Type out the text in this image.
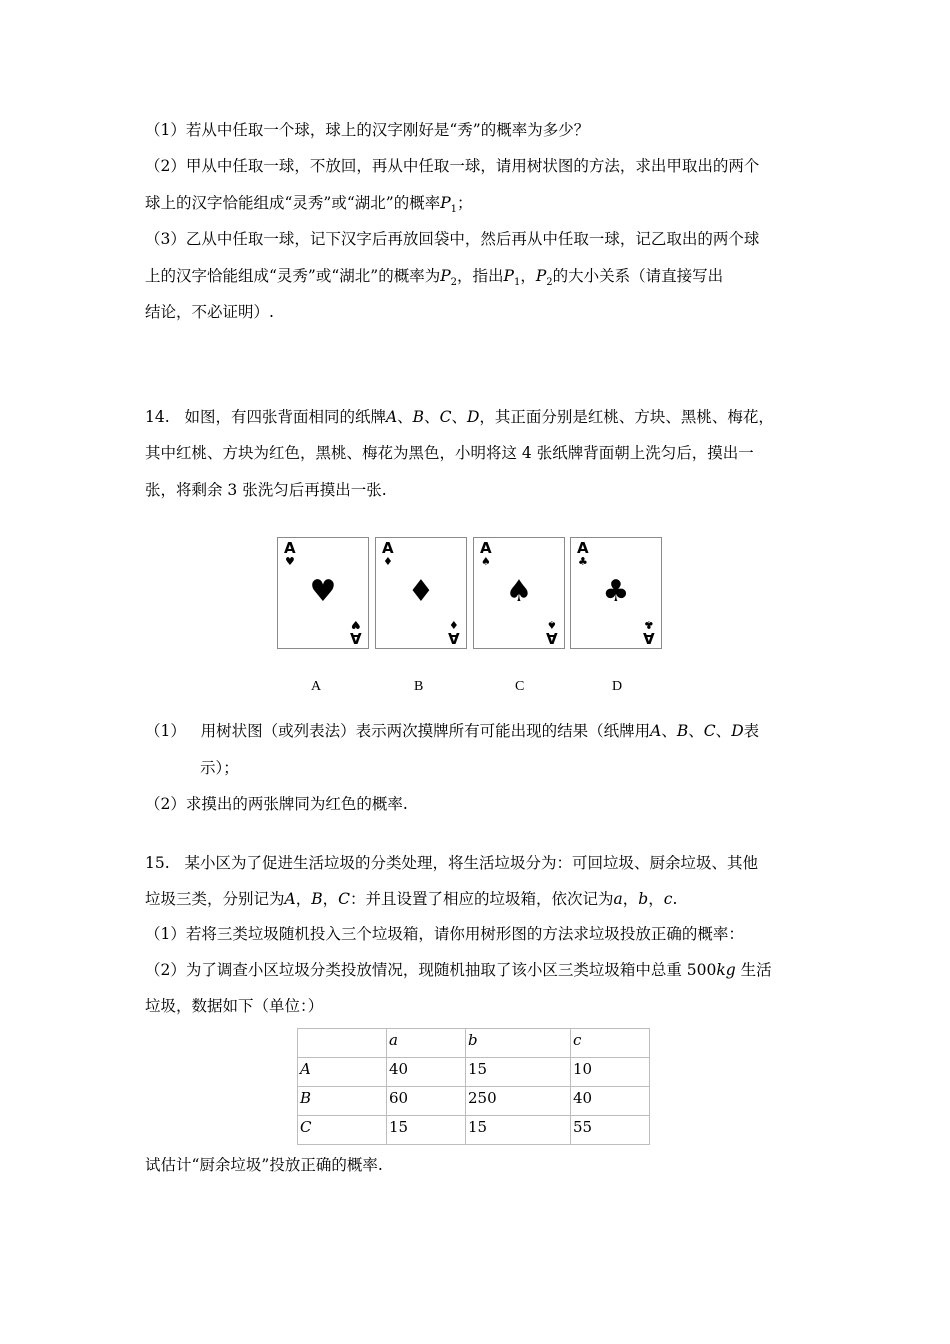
（1）若从中任取一个球，球上的汉字刚好是“秀”的概率为多少？
（2）甲从中任取一球，不放回，再从中任取一球，请用树状图的方法，求出甲取出的两个
球上的汉字恰能组成“灵秀”或“湖北”的概率$P_1$；
（3）乙从中任取一球，记下汉字后再放回袋中，然后再从中任取一球，记乙取出的两个球
上的汉字恰能组成“灵秀”或“湖北”的概率为$P_2$，指出$P_1$，$P_2$的大小关系（请直接写出
结论，不必证明）.
14. 如图，有四张背面相同的纸牌A、B、C、D，其正面分别是红桃、方块、黑桃、梅花，
其中红桃、方块为红色，黑桃、梅花为黑色，小明将这 4 张纸牌背面朝上洗匀后，摸出一
张，将剩余 3 张洗匀后再摸出一张.
A
♥
♥
A
♥
A
♦
♦
A
♦
A
♠
♠
A
♠
A
♣
♣
A
♣
A	B	C	D
（1） 用树状图（或列表法）表示两次摸牌所有可能出现的结果（纸牌用A、B、C、D表
示）；
（2）求摸出的两张牌同为红色的概率.
15. 某小区为了促进生活垃圾的分类处理，将生活垃圾分为：可回垃圾、厨余垃圾、其他
垃圾三类，分别记为A，B，C：并且设置了相应的垃圾箱，依次记为a，b，c.
（1）若将三类垃圾随机投入三个垃圾箱，请你用树形图的方法求垃圾投放正确的概率：
（2）为了调查小区垃圾分类投放情况，现随机抽取了该小区三类垃圾箱中总重 500kg 生活
垃圾，数据如下（单位：）
	a	b	c
A	40	15	10
B	60	250	40
C	15	15	55
试估计“厨余垃圾”投放正确的概率.
